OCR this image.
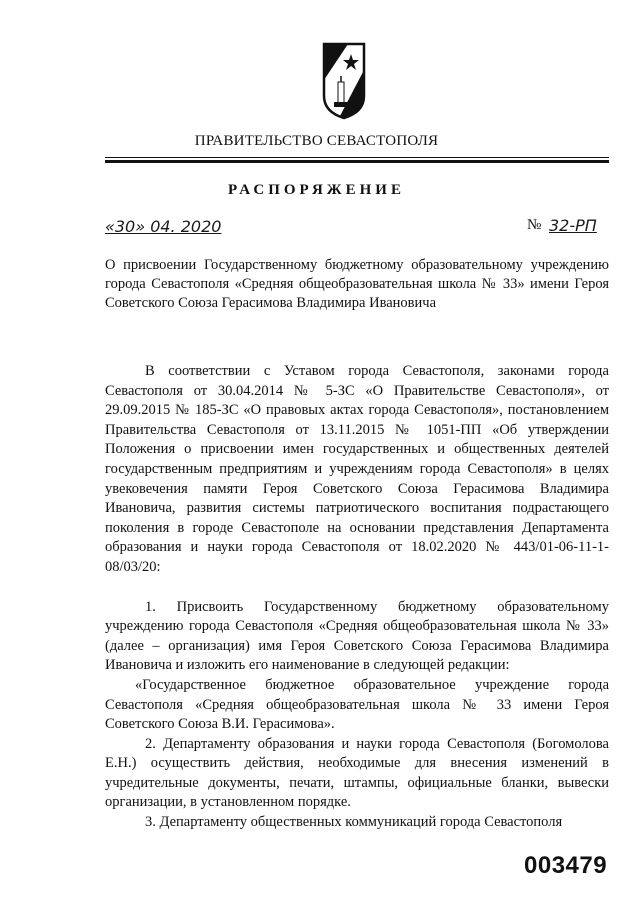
ПРАВИТЕЛЬСТВО СЕВАСТОПОЛЯ
РАСПОРЯЖЕНИЕ
«30» 04. 2020	№ 32-РП
О присвоении Государственному бюджетному образовательному учреждению города Севастополя «Средняя общеобразовательная школа № 33» имени Героя Советского Союза Герасимова Владимира Ивановича

В соответствии с Уставом города Севастополя, законами города Севастополя от 30.04.2014 № 5-ЗС «О Правительстве Севастополя», от 29.09.2015 № 185-ЗС «О правовых актах города Севастополя», постановлением Правительства Севастополя от 13.11.2015 № 1051-ПП «Об утверждении Положения о присвоении имен государственных и общественных деятелей государственным предприятиям и учреждениям города Севастополя» в целях увековечения памяти Героя Советского Союза Герасимова Владимира Ивановича, развития системы патриотического воспитания подрастающего поколения в городе Севастополе на основании представления Департамента образования и науки города Севастополя от 18.02.2020 № 443/01-06-11-1-08/03/20:

1. Присвоить Государственному бюджетному образовательному учреждению города Севастополя «Средняя общеобразовательная школа № 33» (далее – организация) имя Героя Советского Союза Герасимова Владимира Ивановича и изложить его наименование в следующей редакции:

«Государственное бюджетное образовательное учреждение города Севастополя «Средняя общеобразовательная школа № 33 имени Героя Советского Союза В.И. Герасимова».

2. Департаменту образования и науки города Севастополя (Богомолова Е.Н.) осуществить действия, необходимые для внесения изменений в учредительные документы, печати, штампы, официальные бланки, вывески организации, в установленном порядке.

3. Департаменту общественных коммуникаций города Севастополя

003479
